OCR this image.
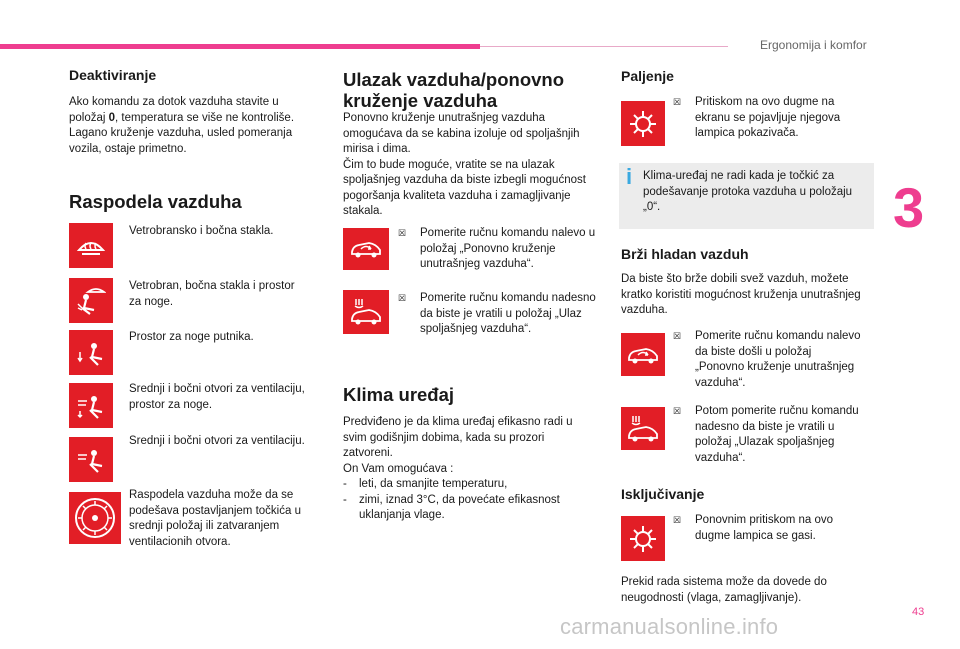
Ergonomija i komfor
3
43
carmanualsonline.info
Deaktiviranje
Ako komandu za dotok vazduha stavite u položaj 0, temperatura se više ne kontroliše. Lagano kruženje vazduha, usled pomeranja vozila, ostaje primetno.
Raspodela vazduha
Vetrobransko i bočna stakla.
Vetrobran, bočna stakla i prostor za noge.
Prostor za noge putnika.
Srednji i bočni otvori za ventilaciju, prostor za noge.
Srednji i bočni otvori za ventilaciju.
Raspodela vazduha može da se podešava postavljanjem točkića u srednji položaj ili zatvaranjem ventilacionih otvora.
Ulazak vazduha/ponovno
kruženje vazduha
Ponovno kruženje unutrašnjeg vazduha omogućava da se kabina izoluje od spoljašnjih mirisa i dima.
Čim to bude moguće, vratite se na ulazak spoljašnjeg vazduha da biste izbegli mogućnost pogoršanja kvaliteta vazduha i zamagljivanje stakala.
☒	Pomerite ručnu komandu nalevo u položaj „Ponovno kruženje unutrašnjeg vazduha“.
☒	Pomerite ručnu komandu nadesno da biste je vratili u položaj „Ulaz spoljašnjeg vazduha“.
Klima uređaj
Predviđeno je da klima uređaj efikasno radi u svim godišnjim dobima, kada su prozori zatvoreni.
On Vam omogućava :
- leti, da smanjite temperaturu,
-	zimi, iznad 3°C, da povećate efikasnost uklanjanja vlage.
Paljenje
☒	Pritiskom na ovo dugme na ekranu se pojavljuje njegova lampica pokazivača.
i Klima-uređaj ne radi kada je točkić za podešavanje protoka vazduha u položaju „0“.
Brži hladan vazduh
Da biste što brže dobili svež vazduh, možete kratko koristiti mogućnost kruženja unutrašnjeg vazduha.
☒	Pomerite ručnu komandu nalevo da biste došli u položaj „Ponovno kruženje unutrašnjeg vazduha“.
☒	Potom pomerite ručnu komandu nadesno da biste je vratili u položaj „Ulazak spoljašnjeg vazduha“.
Isključivanje
☒	Ponovnim pritiskom na ovo dugme lampica se gasi.
Prekid rada sistema može da dovede do neugodnosti (vlaga, zamagljivanje).
